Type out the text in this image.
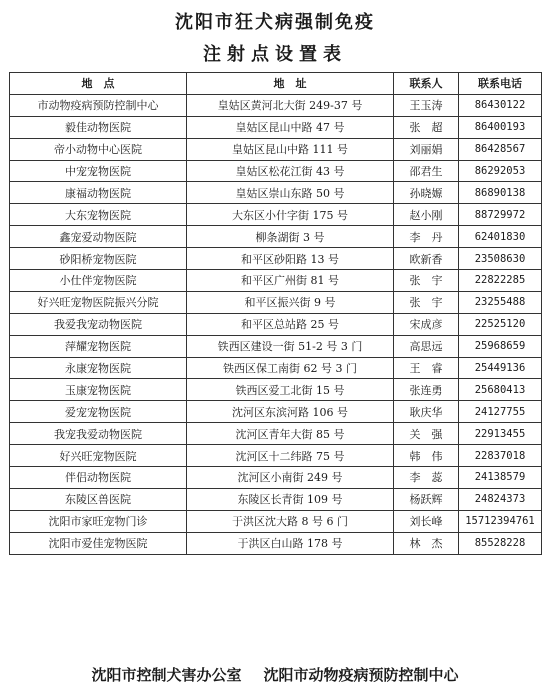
沈阳市狂犬病强制免疫
注射点设置表
地　点	地　址	联系人	联系电话
市动物疫病预防控制中心	皇姑区黄河北大街 249-37 号	王玉涛	86430122
毅佳动物医院	皇姑区昆山中路 47 号	张　超	86400193
帝小动物中心医院	皇姑区昆山中路 111 号	刘丽娟	86428567
中宠宠物医院	皇姑区松花江街 43 号	邵君生	86292053
康福动物医院	皇姑区崇山东路 50 号	孙晓嫄	86890138
大东宠物医院	大东区小什字街 175 号	赵小刚	88729972
鑫宠爱动物医院	柳条湖街 3 号	李　丹	62401830
砂阳桥宠物医院	和平区砂阳路 13 号	欧新香	23508630
小仕伴宠物医院	和平区广州街 81 号	张　宇	22822285
好兴旺宠物医院振兴分院	和平区振兴街 9 号	张　宇	23255488
我爱我宠动物医院	和平区总站路 25 号	宋成彦	22525120
萍耀宠物医院	铁西区建设一街 51-2 号 3 门	高思远	25968659
永康宠物医院	铁西区保工南街 62 号 3 门	王　睿	25449136
玉康宠物医院	铁西区爱工北街 15 号	张连勇	25680413
爱宠宠物医院	沈河区东滨河路 106 号	耿庆华	24127755
我宠我爱动物医院	沈河区青年大街 85 号	关　强	22913455
好兴旺宠物医院	沈河区十二纬路 75 号	韩　伟	22837018
伴侣动物医院	沈河区小南街 249 号	李　蕊	24138579
东陵区兽医院	东陵区长青街 109 号	杨跃辉	24824373
沈阳市家旺宠物门诊	于洪区沈大路 8 号 6 门	刘长峰	15712394761
沈阳市爱佳宠物医院	于洪区白山路 178 号	林　杰	85528228
沈阳市控制犬害办公室 沈阳市动物疫病预防控制中心
